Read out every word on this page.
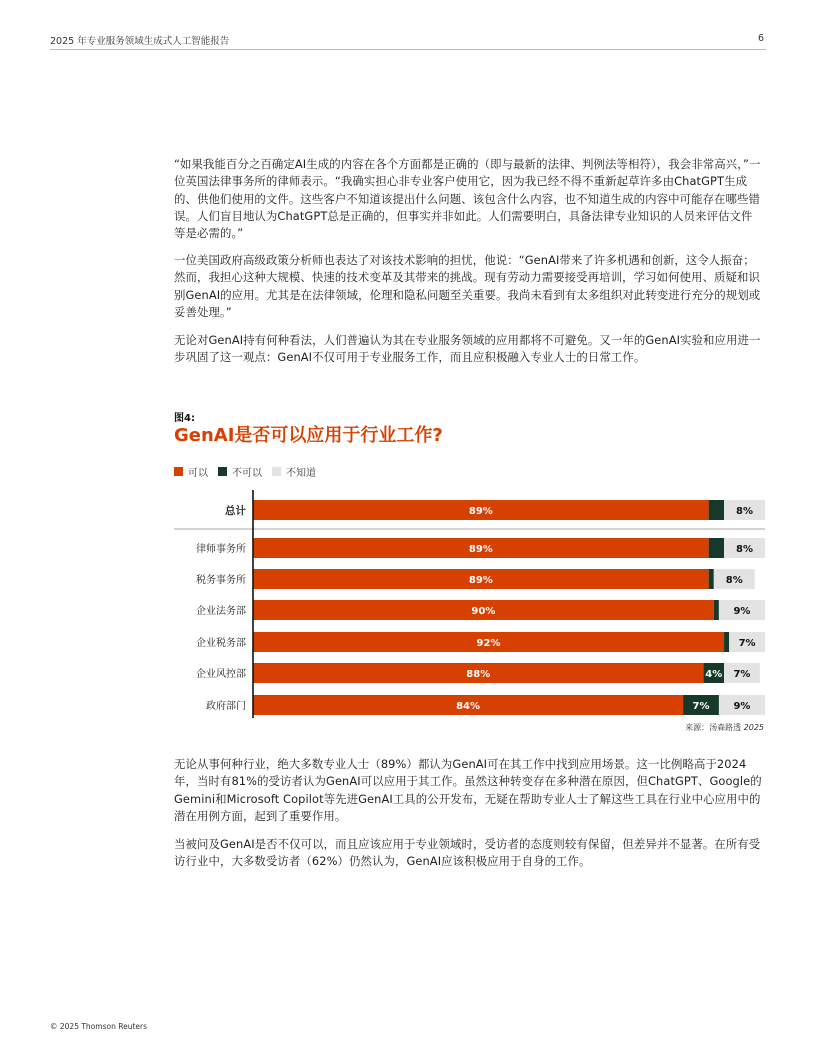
2025 年专业服务领域生成式人工智能报告	6
“如果我能百分之百确定AI生成的内容在各个方面都是正确的（即与最新的法律、判例法等相符），我会非常高兴，”一位英国法律事务所的律师表示。“我确实担心非专业客户使用它，因为我已经不得不重新起草许多由ChatGPT生成的、供他们使用的文件。这些客户不知道该提出什么问题、该包含什么内容，也不知道生成的内容中可能存在哪些错误。人们盲目地认为ChatGPT总是正确的，但事实并非如此。人们需要明白，具备法律专业知识的人员来评估文件等是必需的。”
一位美国政府高级政策分析师也表达了对该技术影响的担忧，他说：“GenAI带来了许多机遇和创新，这令人振奋；然而，我担心这种大规模、快速的技术变革及其带来的挑战。现有劳动力需要接受再培训，学习如何使用、质疑和识别GenAI的应用。尤其是在法律领域，伦理和隐私问题至关重要。我尚未看到有太多组织对此转变进行充分的规划或妥善处理。”
无论对GenAI持有何种看法，人们普遍认为其在专业服务领域的应用都将不可避免。又一年的GenAI实验和应用进一步巩固了这一观点：GenAI不仅可用于专业服务工作，而且应积极融入专业人士的日常工作。
图4:
GenAI是否可以应用于行业工作?
可以 不可以 不知道
总计	89%	8%
律师事务所	89%	8%
税务事务所	89%	8%
企业法务部	90%	9%
企业税务部	92%	7%
企业风控部	88%	4% 7%
政府部门	84%	7% 9%
来源：汤森路透 2025
无论从事何种行业，绝大多数专业人士（89%）都认为GenAI可在其工作中找到应用场景。这一比例略高于2024年，当时有81%的受访者认为GenAI可以应用于其工作。虽然这种转变存在多种潜在原因，但ChatGPT、Google的Gemini和Microsoft Copilot等先进GenAI工具的公开发布，无疑在帮助专业人士了解这些工具在行业中心应用中的潜在用例方面，起到了重要作用。
当被问及GenAI是否不仅可以，而且应该应用于专业领域时，受访者的态度则较有保留，但差异并不显著。在所有受访行业中，大多数受访者（62%）仍然认为，GenAI应该积极应用于自身的工作。
© 2025 Thomson Reuters
